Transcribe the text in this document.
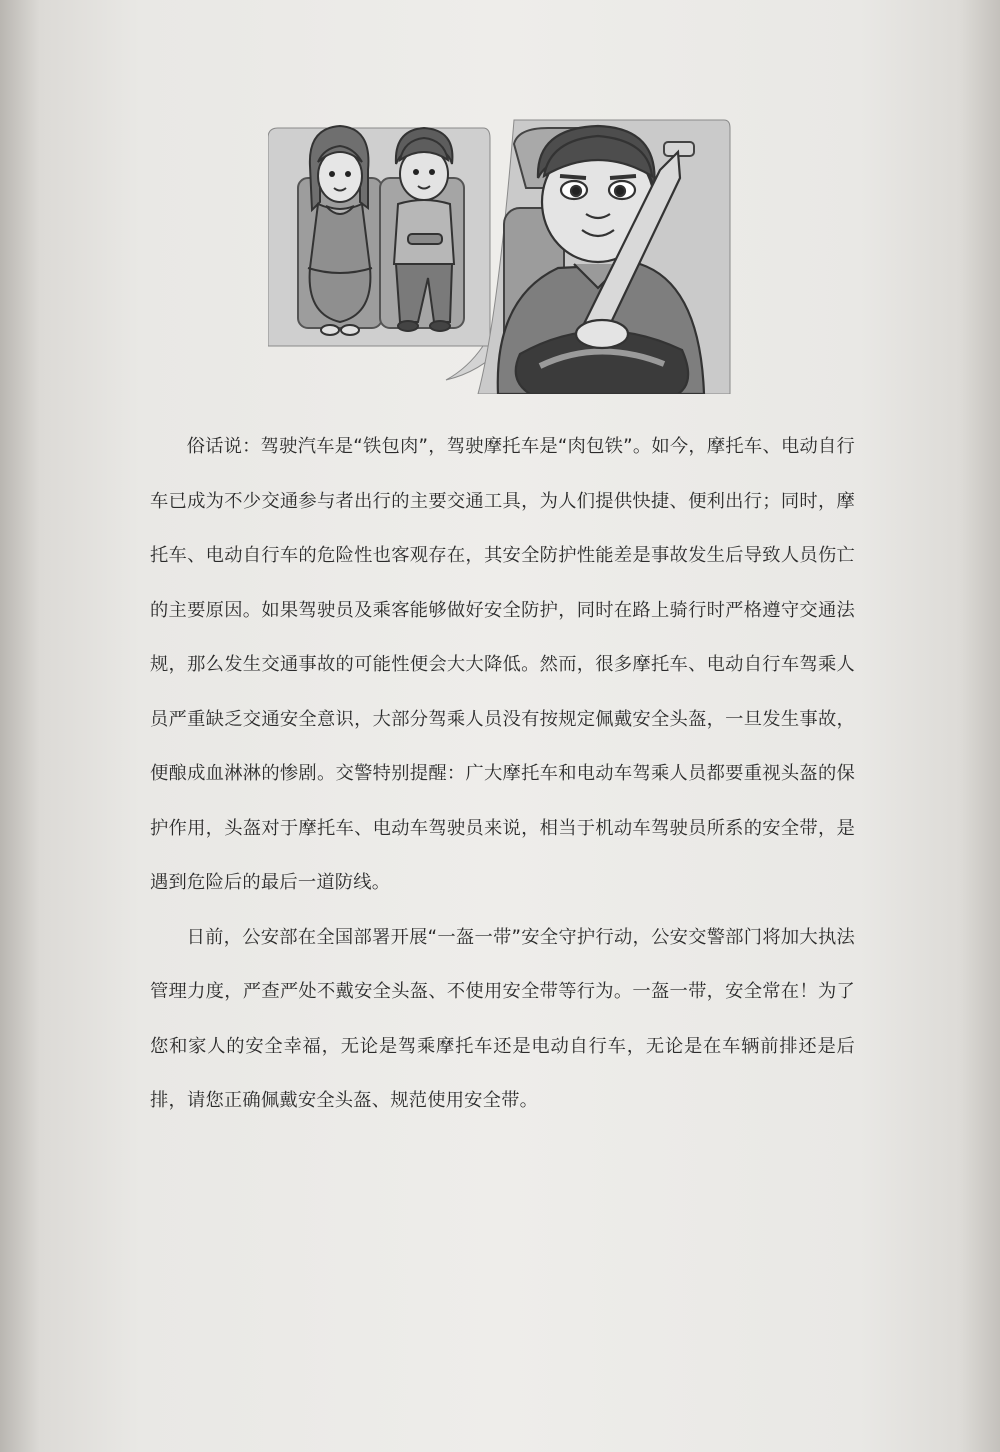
俗话说：驾驶汽车是“铁包肉”，驾驶摩托车是“肉包铁”。如今，摩托车、电动自行车已成为不少交通参与者出行的主要交通工具，为人们提供快捷、便利出行；同时，摩托车、电动自行车的危险性也客观存在，其安全防护性能差是事故发生后导致人员伤亡的主要原因。如果驾驶员及乘客能够做好安全防护，同时在路上骑行时严格遵守交通法规，那么发生交通事故的可能性便会大大降低。然而，很多摩托车、电动自行车驾乘人员严重缺乏交通安全意识，大部分驾乘人员没有按规定佩戴安全头盔，一旦发生事故，便酿成血淋淋的惨剧。交警特别提醒：广大摩托车和电动车驾乘人员都要重视头盔的保护作用，头盔对于摩托车、电动车驾驶员来说，相当于机动车驾驶员所系的安全带，是遇到危险后的最后一道防线。

日前，公安部在全国部署开展“一盔一带”安全守护行动，公安交警部门将加大执法管理力度，严查严处不戴安全头盔、不使用安全带等行为。一盔一带，安全常在！为了您和家人的安全幸福，无论是驾乘摩托车还是电动自行车，无论是在车辆前排还是后排，请您正确佩戴安全头盔、规范使用安全带。
